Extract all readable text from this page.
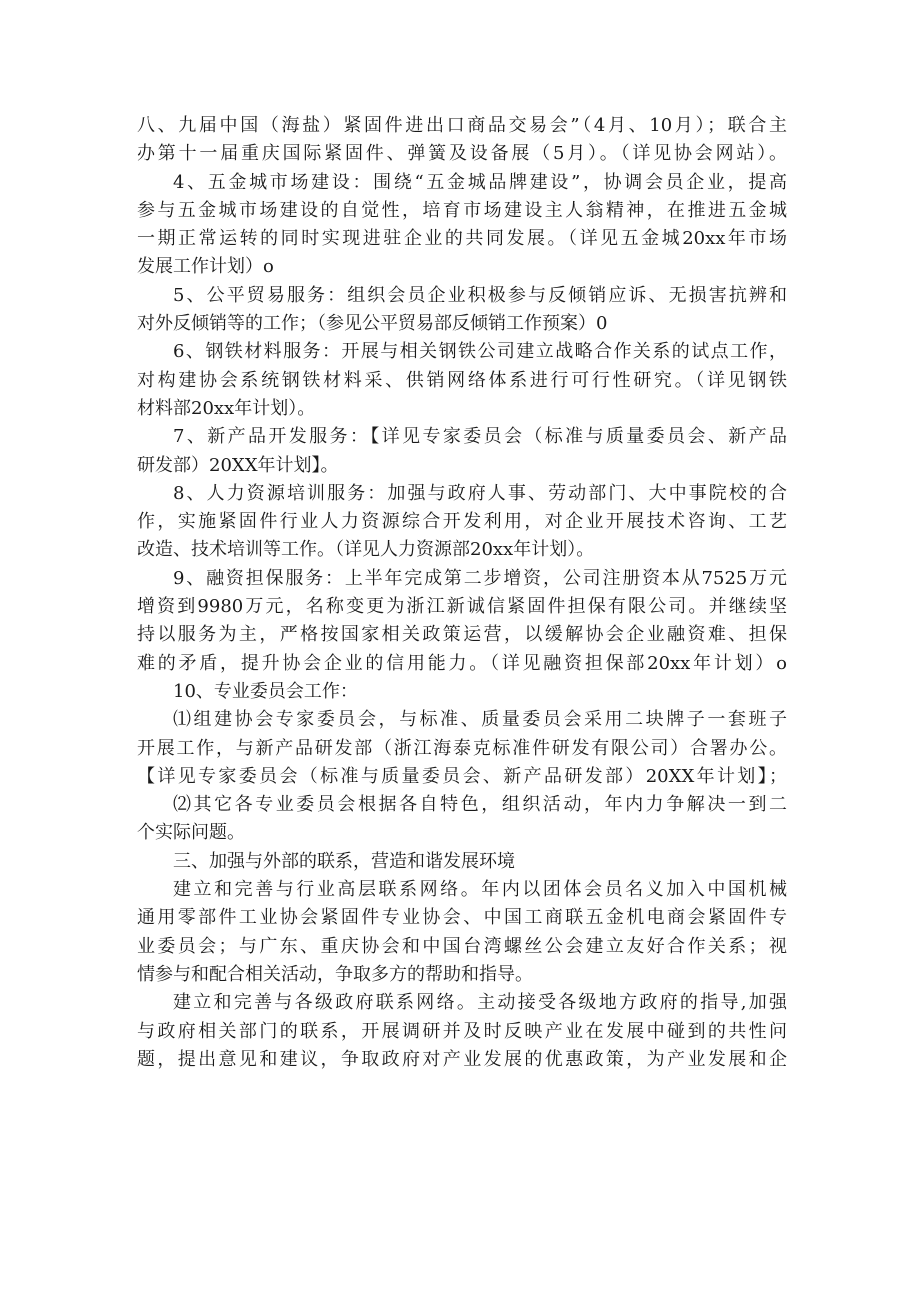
八、九届中国（海盐）紧固件进出口商品交易会”（4月、10月）；联合主
办第十一届重庆国际紧固件、弹簧及设备展（5月）。（详见协会网站）。
4、五金城市场建设：围绕“五金城品牌建设”，协调会员企业，提高
参与五金城市场建设的自觉性，培育市场建设主人翁精神，在推进五金城
一期正常运转的同时实现进驻企业的共同发展。（详见五金城20xx年市场
发展工作计划）o
5、公平贸易服务：组织会员企业积极参与反倾销应诉、无损害抗辨和
对外反倾销等的工作；（参见公平贸易部反倾销工作预案）0
6、钢铁材料服务：开展与相关钢铁公司建立战略合作关系的试点工作，
对构建协会系统钢铁材料采、供销网络体系进行可行性研究。（详见钢铁
材料部20xx年计划）。
7、新产品开发服务：【详见专家委员会（标准与质量委员会、新产品
研发部）20XX年计划】。
8、人力资源培训服务：加强与政府人事、劳动部门、大中事院校的合
作，实施紧固件行业人力资源综合开发利用，对企业开展技术咨询、工艺
改造、技术培训等工作。（详见人力资源部20xx年计划）。
9、融资担保服务：上半年完成第二步增资，公司注册资本从7525万元
增资到9980万元，名称变更为浙江新诚信紧固件担保有限公司。并继续坚
持以服务为主，严格按国家相关政策运营，以缓解协会企业融资难、担保
难的矛盾，提升协会企业的信用能力。（详见融资担保部20xx年计划）o
10、专业委员会工作：
⑴组建协会专家委员会，与标准、质量委员会采用二块牌子一套班子
开展工作，与新产品研发部（浙江海泰克标准件研发有限公司）合署办公。
【详见专家委员会（标准与质量委员会、新产品研发部）20XX年计划】；
⑵其它各专业委员会根据各自特色，组织活动，年内力争解决一到二
个实际问题。
三、加强与外部的联系，营造和谐发展环境
建立和完善与行业高层联系网络。年内以团体会员名义加入中国机械
通用零部件工业协会紧固件专业协会、中国工商联五金机电商会紧固件专
业委员会；与广东、重庆协会和中国台湾螺丝公会建立友好合作关系；视
情参与和配合相关活动，争取多方的帮助和指导。
建立和完善与各级政府联系网络。主动接受各级地方政府的指导,加强
与政府相关部门的联系，开展调研并及时反映产业在发展中碰到的共性问
题，提出意见和建议，争取政府对产业发展的优惠政策，为产业发展和企
